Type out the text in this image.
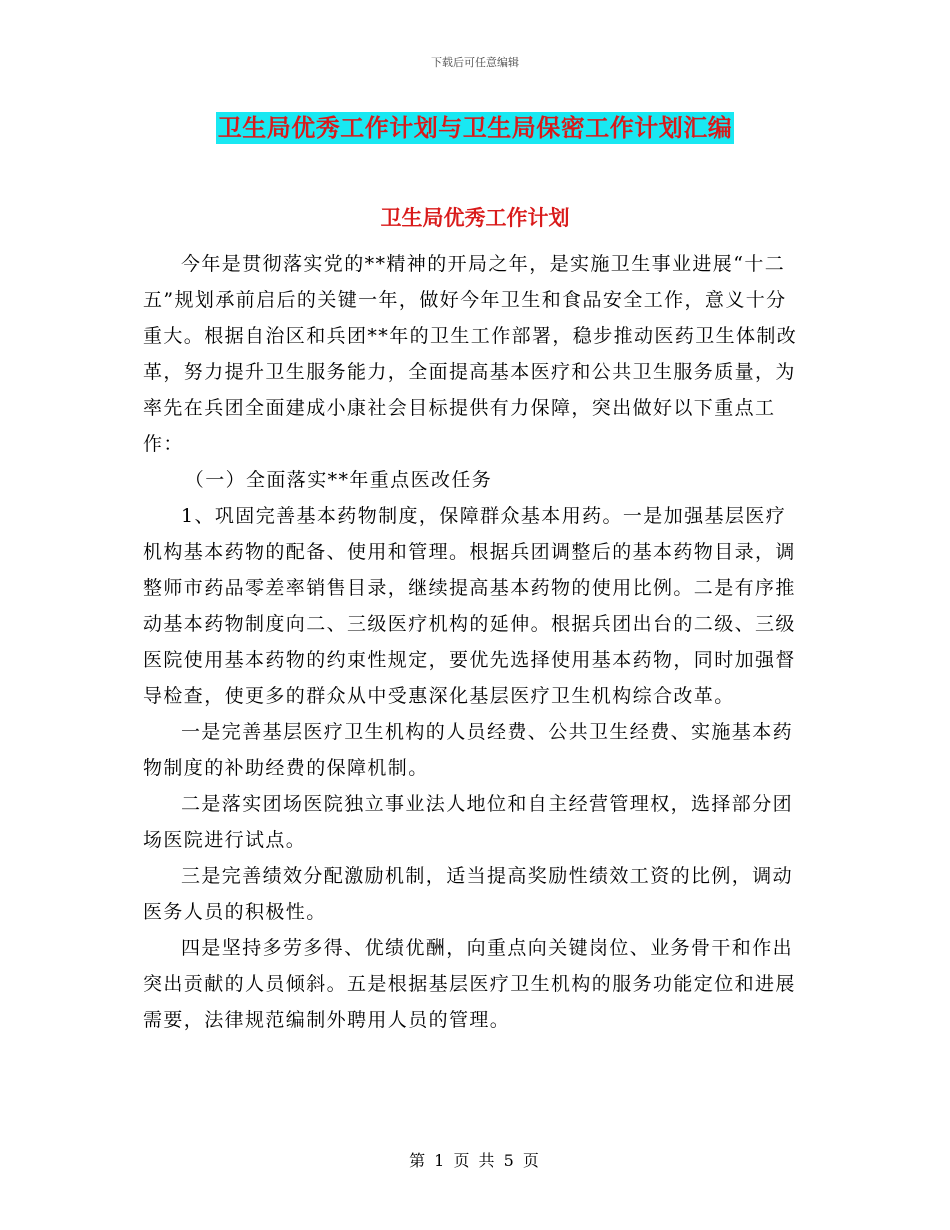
下载后可任意编辑
卫生局优秀工作计划与卫生局保密工作计划汇编
卫生局优秀工作计划

今年是贯彻落实党的**精神的开局之年，是实施卫生事业进展“十二五”规划承前启后的关键一年，做好今年卫生和食品安全工作，意义十分重大。根据自治区和兵团**年的卫生工作部署，稳步推动医药卫生体制改革，努力提升卫生服务能力，全面提高基本医疗和公共卫生服务质量，为率先在兵团全面建成小康社会目标提供有力保障，突出做好以下重点工作：

（一）全面落实**年重点医改任务

1、巩固完善基本药物制度，保障群众基本用药。一是加强基层医疗机构基本药物的配备、使用和管理。根据兵团调整后的基本药物目录，调整师市药品零差率销售目录，继续提高基本药物的使用比例。二是有序推动基本药物制度向二、三级医疗机构的延伸。根据兵团出台的二级、三级医院使用基本药物的约束性规定，要优先选择使用基本药物，同时加强督导检查，使更多的群众从中受惠深化基层医疗卫生机构综合改革。

一是完善基层医疗卫生机构的人员经费、公共卫生经费、实施基本药物制度的补助经费的保障机制。

二是落实团场医院独立事业法人地位和自主经营管理权，选择部分团场医院进行试点。

三是完善绩效分配激励机制，适当提高奖励性绩效工资的比例，调动医务人员的积极性。

四是坚持多劳多得、优绩优酬，向重点向关键岗位、业务骨干和作出突出贡献的人员倾斜。五是根据基层医疗卫生机构的服务功能定位和进展需要，法律规范编制外聘用人员的管理。

第 1 页 共 5 页
